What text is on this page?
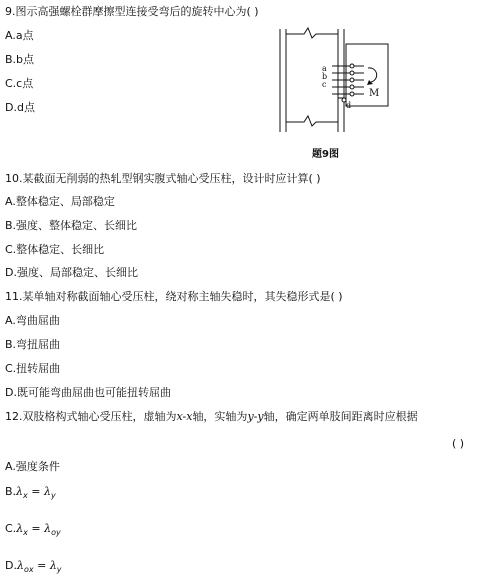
9.图示高强螺栓群摩擦型连接受弯后的旋转中心为( )
A.a点
B.b点
C.c点
D.d点
a
b
c
d
M
题9图
10.某截面无削弱的热轧型钢实腹式轴心受压柱，设计时应计算( )
A.整体稳定、局部稳定
B.强度、整体稳定、长细比
C.整体稳定、长细比
D.强度、局部稳定、长细比
11.某单轴对称截面轴心受压柱，绕对称主轴失稳时，其失稳形式是( )
A.弯曲屈曲
B.弯扭屈曲
C.扭转屈曲
D.既可能弯曲屈曲也可能扭转屈曲
12.双肢格构式轴心受压柱，虚轴为x-x轴，实轴为y-y轴，确定两单肢间距离时应根据
( )
A.强度条件
$B.\lambda_x = \lambda_y$
$C.\lambda_x = \lambda_{oy}$
$D.\lambda_{ox} = \lambda_y$
